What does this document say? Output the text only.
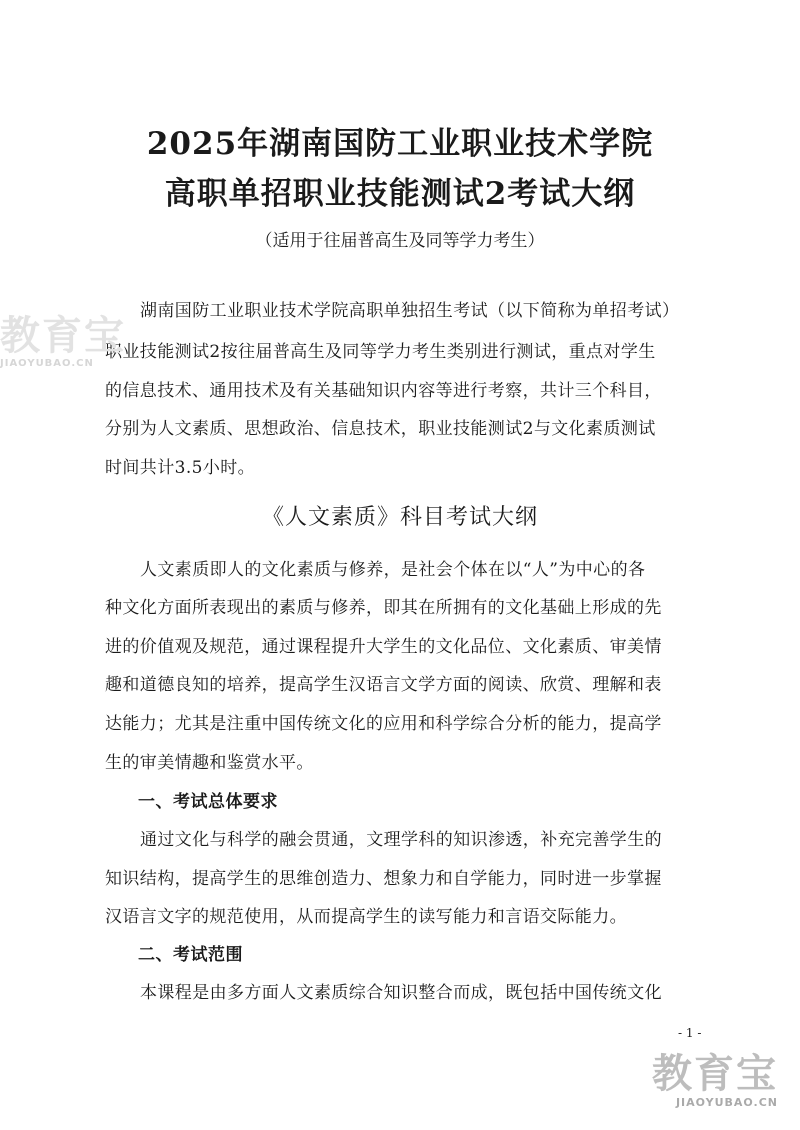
2025年湖南国防工业职业技术学院
高职单招职业技能测试2考试大纲
（适用于往届普高生及同等学力考生）
湖南国防工业职业技术学院高职单独招生考试（以下简称为单招考试）
职业技能测试2按往届普高生及同等学力考生类别进行测试，重点对学生
的信息技术、通用技术及有关基础知识内容等进行考察，共计三个科目，
分别为人文素质、思想政治、信息技术，职业技能测试2与文化素质测试
时间共计3.5小时。
《人文素质》科目考试大纲
人文素质即人的文化素质与修养，是社会个体在以“人”为中心的各
种文化方面所表现出的素质与修养，即其在所拥有的文化基础上形成的先
进的价值观及规范，通过课程提升大学生的文化品位、文化素质、审美情
趣和道德良知的培养，提高学生汉语言文学方面的阅读、欣赏、理解和表
达能力；尤其是注重中国传统文化的应用和科学综合分析的能力，提高学
生的审美情趣和鉴赏水平。
一、考试总体要求
通过文化与科学的融会贯通，文理学科的知识渗透，补充完善学生的
知识结构，提高学生的思维创造力、想象力和自学能力，同时进一步掌握
汉语言文字的规范使用，从而提高学生的读写能力和言语交际能力。
二、考试范围
本课程是由多方面人文素质综合知识整合而成，既包括中国传统文化
- 1 -
教育宝
JIAOYUBAO.CN
教育宝
JIAOYUBAO.CN
